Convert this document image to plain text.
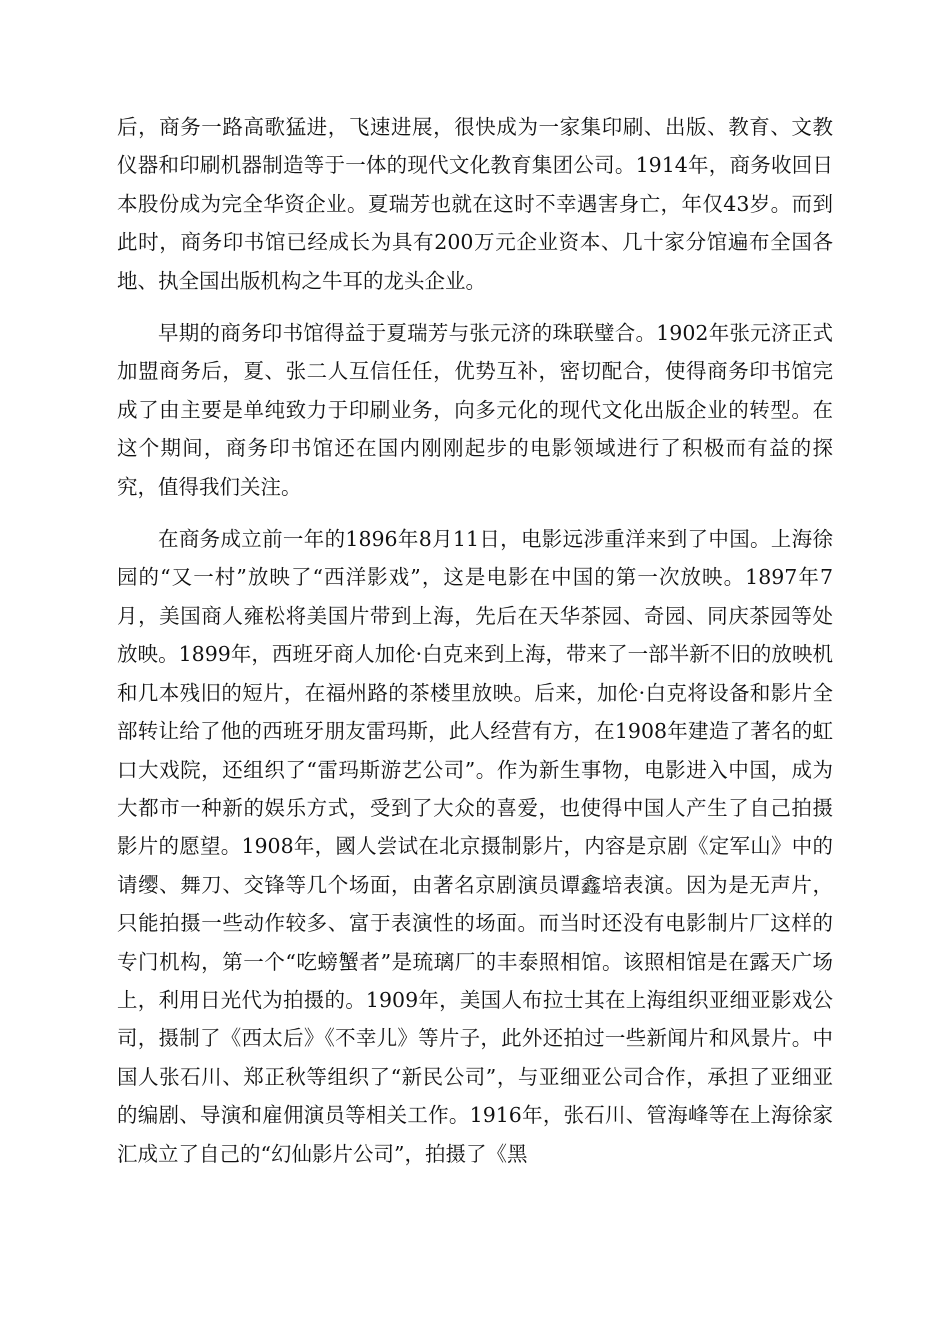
后，商务一路高歌猛进，飞速进展，很快成为一家集印刷、出版、教育、文教仪器和印刷机器制造等于一体的现代文化教育集团公司。1914年，商务收回日本股份成为完全华资企业。夏瑞芳也就在这时不幸遇害身亡，年仅43岁。而到此时，商务印书馆已经成长为具有200万元企业资本、几十家分馆遍布全国各地、执全国出版机构之牛耳的龙头企业。

早期的商务印书馆得益于夏瑞芳与张元济的珠联璧合。1902年张元济正式加盟商务后，夏、张二人互信任任，优势互补，密切配合，使得商务印书馆完成了由主要是单纯致力于印刷业务，向多元化的现代文化出版企业的转型。在这个期间，商务印书馆还在国内刚刚起步的电影领域进行了积极而有益的探究，值得我们关注。

在商务成立前一年的1896年8月11日，电影远涉重洋来到了中国。上海徐园的“又一村”放映了“西洋影戏”，这是电影在中国的第一次放映。1897年7月，美国商人雍松将美国片带到上海，先后在天华茶园、奇园、同庆茶园等处放映。1899年，西班牙商人加伦·白克来到上海，带来了一部半新不旧的放映机和几本残旧的短片，在福州路的茶楼里放映。后来，加伦·白克将设备和影片全部转让给了他的西班牙朋友雷玛斯，此人经营有方，在1908年建造了著名的虹口大戏院，还组织了“雷玛斯游艺公司”。作为新生事物，电影进入中国，成为大都市一种新的娱乐方式，受到了大众的喜爱，也使得中国人产生了自己拍摄影片的愿望。1908年，國人尝试在北京摄制影片，内容是京剧《定军山》中的请缨、舞刀、交锋等几个场面，由著名京剧演员谭鑫培表演。因为是无声片，只能拍摄一些动作较多、富于表演性的场面。而当时还没有电影制片厂这样的专门机构，第一个“吃螃蟹者”是琉璃厂的丰泰照相馆。该照相馆是在露天广场上，利用日光代为拍摄的。1909年，美国人布拉士其在上海组织亚细亚影戏公司，摄制了《西太后》《不幸儿》等片子，此外还拍过一些新闻片和风景片。中国人张石川、郑正秋等组织了“新民公司”，与亚细亚公司合作，承担了亚细亚的编剧、导演和雇佣演员等相关工作。1916年，张石川、管海峰等在上海徐家汇成立了自己的“幻仙影片公司”，拍摄了《黑
